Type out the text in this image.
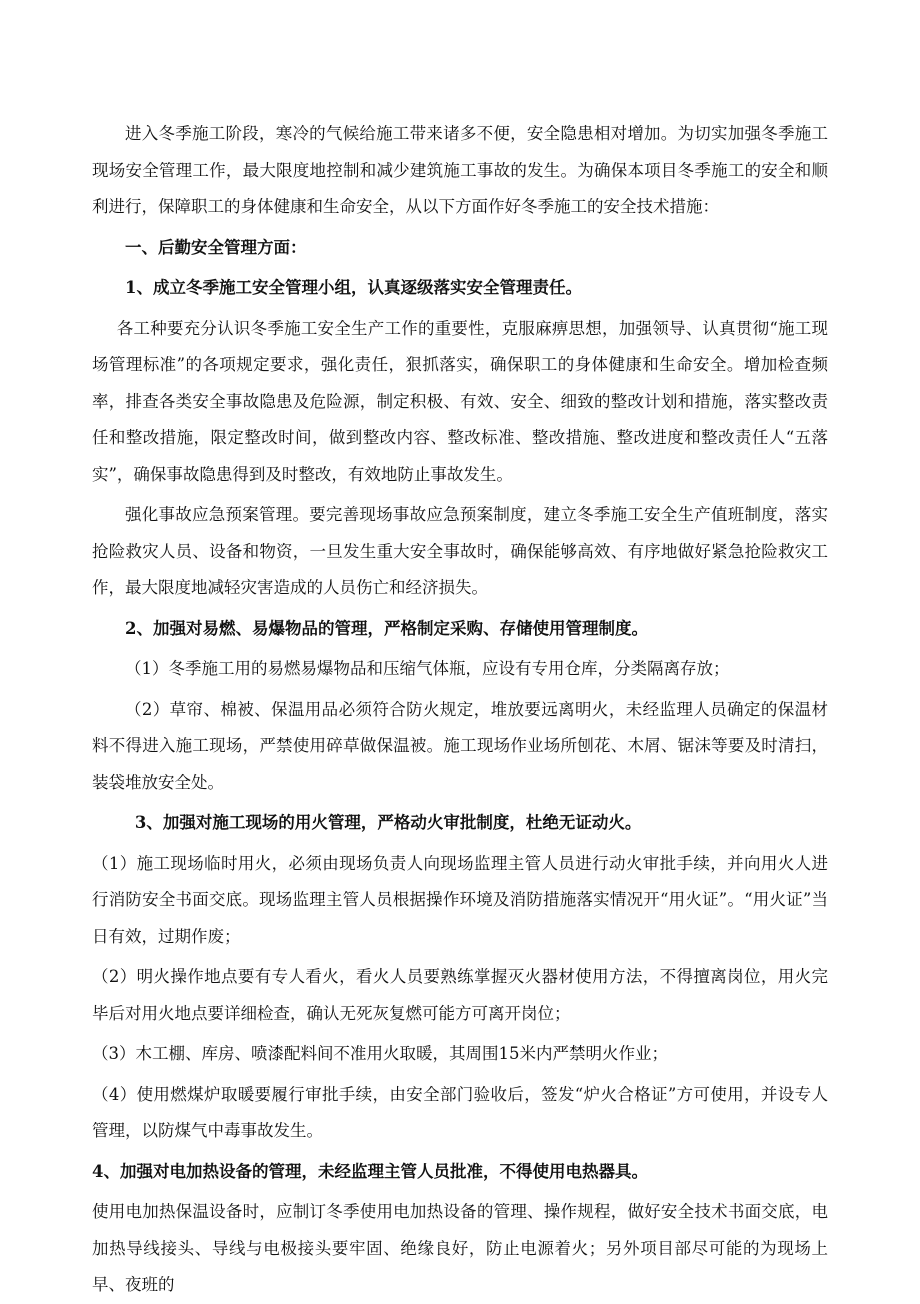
进入冬季施工阶段，寒冷的气候给施工带来诸多不便，安全隐患相对增加。为切实加强冬季施工现场安全管理工作，最大限度地控制和减少建筑施工事故的发生。为确保本项目冬季施工的安全和顺利进行，保障职工的身体健康和生命安全，从以下方面作好冬季施工的安全技术措施：

一、后勤安全管理方面：

1、成立冬季施工安全管理小组，认真逐级落实安全管理责任。

各工种要充分认识冬季施工安全生产工作的重要性，克服麻痹思想，加强领导、认真贯彻“施工现场管理标准”的各项规定要求，强化责任，狠抓落实，确保职工的身体健康和生命安全。增加检查频率，排查各类安全事故隐患及危险源，制定积极、有效、安全、细致的整改计划和措施，落实整改责任和整改措施，限定整改时间，做到整改内容、整改标准、整改措施、整改进度和整改责任人“五落实”，确保事故隐患得到及时整改，有效地防止事故发生。

强化事故应急预案管理。要完善现场事故应急预案制度，建立冬季施工安全生产值班制度，落实抢险救灾人员、设备和物资，一旦发生重大安全事故时，确保能够高效、有序地做好紧急抢险救灾工作，最大限度地减轻灾害造成的人员伤亡和经济损失。

2、加强对易燃、易爆物品的管理，严格制定采购、存储使用管理制度。

（1）冬季施工用的易燃易爆物品和压缩气体瓶，应设有专用仓库，分类隔离存放；

（2）草帘、棉被、保温用品必须符合防火规定，堆放要远离明火，未经监理人员确定的保温材料不得进入施工现场，严禁使用碎草做保温被。施工现场作业场所刨花、木屑、锯沫等要及时清扫，装袋堆放安全处。

3、加强对施工现场的用火管理，严格动火审批制度，杜绝无证动火。

（1）施工现场临时用火，必须由现场负责人向现场监理主管人员进行动火审批手续，并向用火人进行消防安全书面交底。现场监理主管人员根据操作环境及消防措施落实情况开“用火证”。“用火证”当日有效，过期作废；

（2）明火操作地点要有专人看火，看火人员要熟练掌握灭火器材使用方法，不得擅离岗位，用火完毕后对用火地点要详细检查，确认无死灰复燃可能方可离开岗位；

（3）木工棚、库房、喷漆配料间不准用火取暖，其周围15米内严禁明火作业；

（4）使用燃煤炉取暖要履行审批手续，由安全部门验收后，签发“炉火合格证”方可使用，并设专人管理，以防煤气中毒事故发生。

4、加强对电加热设备的管理，未经监理主管人员批准，不得使用电热器具。

使用电加热保温设备时，应制订冬季使用电加热设备的管理、操作规程，做好安全技术书面交底，电加热导线接头、导线与电极接头要牢固、绝缘良好，防止电源着火；另外项目部尽可能的为现场上早、夜班的
